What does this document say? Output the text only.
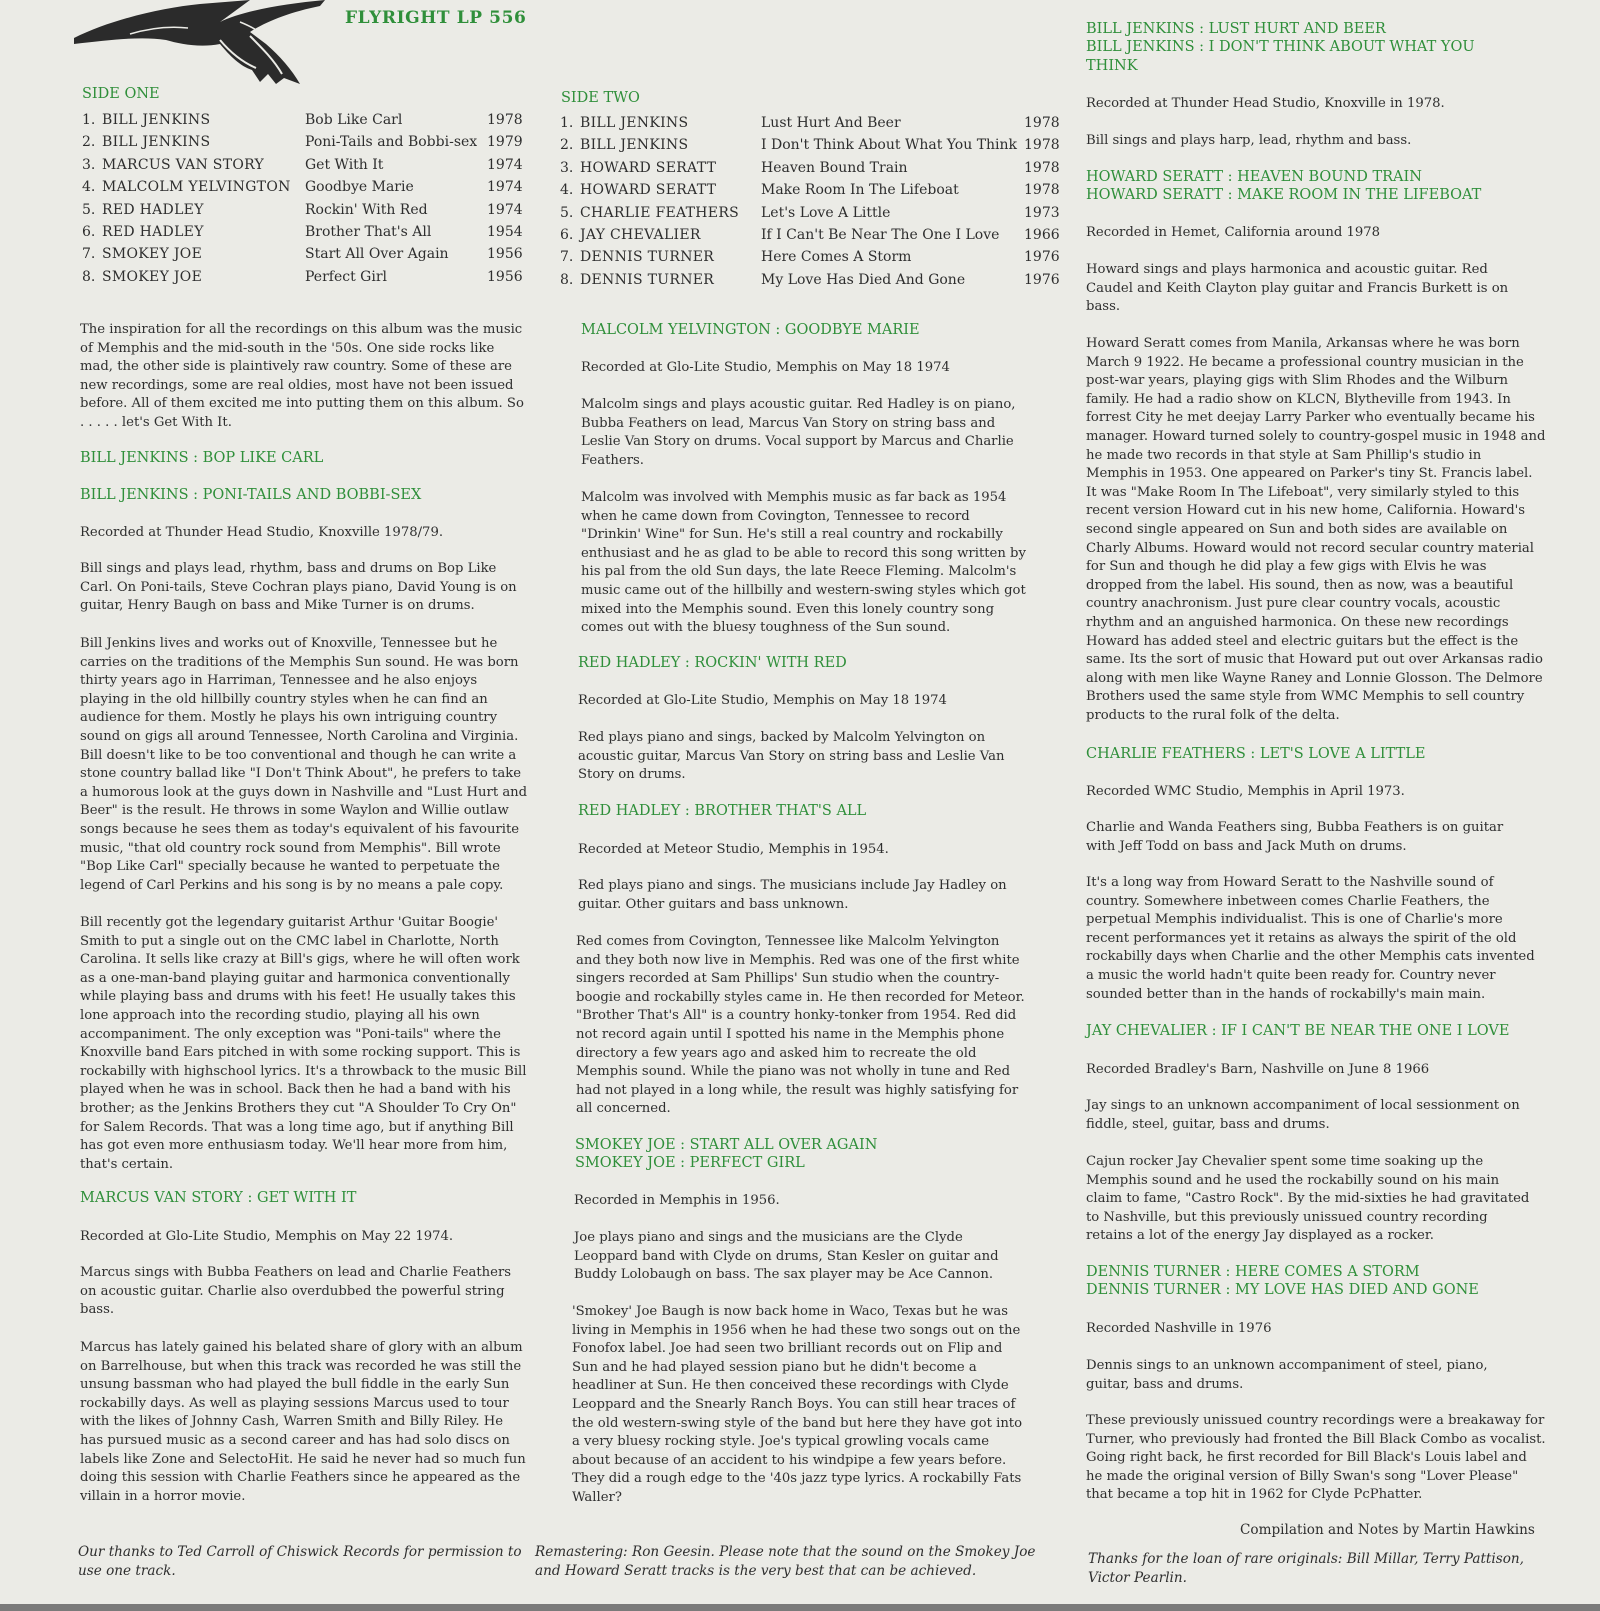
FLYRIGHT LP 556
SIDE ONE
1. BILL JENKINS	Bob Like Carl	1978
2. BILL JENKINS	Poni-Tails and Bobbi-sex 1979
3. MARCUS VAN STORY	Get With It	1974
4. MALCOLM YELVINGTON Goodbye Marie	1974
5. RED HADLEY	Rockin' With Red	1974
6. RED HADLEY	Brother That's All	1954
7. SMOKEY JOE	Start All Over Again	1956
8. SMOKEY JOE	Perfect Girl	1956
SIDE TWO
1. BILL JENKINS	Lust Hurt And Beer	1978
2. BILL JENKINS	I Don't Think About What You Think 1978
3. HOWARD SERATT	Heaven Bound Train	1978
4. HOWARD SERATT	Make Room In The Lifeboat	1978
5. CHARLIE FEATHERS Let's Love A Little	1973
6. JAY CHEVALIER	If I Can't Be Near The One I Love 1966
7. DENNIS TURNER	Here Comes A Storm	1976
8. DENNIS TURNER	My Love Has Died And Gone	1976

The inspiration for all the recordings on this album was the music of Memphis and the mid-south in the '50s. One side rocks like mad, the other side is plaintively raw country. Some of these are new recordings, some are real oldies, most have not been issued before. All of them excited me into putting them on this album. So . . . . . let's Get With It.

BILL JENKINS : BOP LIKE CARL
BILL JENKINS : PONI-TAILS AND BOBBI-SEX

Recorded at Thunder Head Studio, Knoxville 1978/79.

Bill sings and plays lead, rhythm, bass and drums on Bop Like Carl. On Poni-tails, Steve Cochran plays piano, David Young is on guitar, Henry Baugh on bass and Mike Turner is on drums.

Bill Jenkins lives and works out of Knoxville, Tennessee but he carries on the traditions of the Memphis Sun sound. He was born thirty years ago in Harriman, Tennessee and he also enjoys playing in the old hillbilly country styles when he can find an audience for them. Mostly he plays his own intriguing country sound on gigs all around Tennessee, North Carolina and Virginia. Bill doesn't like to be too conventional and though he can write a stone country ballad like "I Don't Think About", he prefers to take a humorous look at the guys down in Nashville and "Lust Hurt and Beer" is the result. He throws in some Waylon and Willie outlaw songs because he sees them as today's equivalent of his favourite music, "that old country rock sound from Memphis". Bill wrote "Bop Like Carl" specially because he wanted to perpetuate the legend of Carl Perkins and his song is by no means a pale copy.

Bill recently got the legendary guitarist Arthur 'Guitar Boogie' Smith to put a single out on the CMC label in Charlotte, North Carolina. It sells like crazy at Bill's gigs, where he will often work as a one-man-band playing guitar and harmonica conventionally while playing bass and drums with his feet! He usually takes this lone approach into the recording studio, playing all his own accompaniment. The only exception was "Poni-tails" where the Knoxville band Ears pitched in with some rocking support. This is rockabilly with highschool lyrics. It's a throwback to the music Bill played when he was in school. Back then he had a band with his brother; as the Jenkins Brothers they cut "A Shoulder To Cry On" for Salem Records. That was a long time ago, but if anything Bill has got even more enthusiasm today. We'll hear more from him, that's certain.

MARCUS VAN STORY : GET WITH IT

Recorded at Glo-Lite Studio, Memphis on May 22 1974.

Marcus sings with Bubba Feathers on lead and Charlie Feathers on acoustic guitar. Charlie also overdubbed the powerful string bass.

Marcus has lately gained his belated share of glory with an album on Barrelhouse, but when this track was recorded he was still the unsung bassman who had played the bull fiddle in the early Sun rockabilly days. As well as playing sessions Marcus used to tour with the likes of Johnny Cash, Warren Smith and Billy Riley. He has pursued music as a second career and has had solo discs on labels like Zone and SelectoHit. He said he never had so much fun doing this session with Charlie Feathers since he appeared as the villain in a horror movie.

Our thanks to Ted Carroll of Chiswick Records for permission to use one track.
MALCOLM YELVINGTON : GOODBYE MARIE

Recorded at Glo-Lite Studio, Memphis on May 18 1974

Malcolm sings and plays acoustic guitar. Red Hadley is on piano, Bubba Feathers on lead, Marcus Van Story on string bass and Leslie Van Story on drums. Vocal support by Marcus and Charlie Feathers.

Malcolm was involved with Memphis music as far back as 1954 when he came down from Covington, Tennessee to record "Drinkin' Wine" for Sun. He's still a real country and rockabilly enthusiast and he as glad to be able to record this song written by his pal from the old Sun days, the late Reece Fleming. Malcolm's music came out of the hillbilly and western-swing styles which got mixed into the Memphis sound. Even this lonely country song comes out with the bluesy toughness of the Sun sound.

RED HADLEY : ROCKIN' WITH RED

Recorded at Glo-Lite Studio, Memphis on May 18 1974

Red plays piano and sings, backed by Malcolm Yelvington on acoustic guitar, Marcus Van Story on string bass and Leslie Van Story on drums.

RED HADLEY : BROTHER THAT'S ALL

Recorded at Meteor Studio, Memphis in 1954.

Red plays piano and sings. The musicians include Jay Hadley on guitar. Other guitars and bass unknown.

Red comes from Covington, Tennessee like Malcolm Yelvington and they both now live in Memphis. Red was one of the first white singers recorded at Sam Phillips' Sun studio when the country-boogie and rockabilly styles came in. He then recorded for Meteor. "Brother That's All" is a country honky-tonker from 1954. Red did not record again until I spotted his name in the Memphis phone directory a few years ago and asked him to recreate the old Memphis sound. While the piano was not wholly in tune and Red had not played in a long while, the result was highly satisfying for all concerned.

SMOKEY JOE : START ALL OVER AGAIN
SMOKEY JOE : PERFECT GIRL

Recorded in Memphis in 1956.

Joe plays piano and sings and the musicians are the Clyde Leoppard band with Clyde on drums, Stan Kesler on guitar and Buddy Lolobaugh on bass. The sax player may be Ace Cannon.

'Smokey' Joe Baugh is now back home in Waco, Texas but he was living in Memphis in 1956 when he had these two songs out on the Fonofox label. Joe had seen two brilliant records out on Flip and Sun and he had played session piano but he didn't become a headliner at Sun. He then conceived these recordings with Clyde Leoppard and the Snearly Ranch Boys. You can still hear traces of the old western-swing style of the band but here they have got into a very bluesy rocking style. Joe's typical growling vocals came about because of an accident to his windpipe a few years before. They did a rough edge to the '40s jazz type lyrics. A rockabilly Fats Waller?

Remastering: Ron Geesin. Please note that the sound on the Smokey Joe and Howard Seratt tracks is the very best that can be achieved.
BILL JENKINS : LUST HURT AND BEER
BILL JENKINS : I DON'T THINK ABOUT WHAT YOU THINK

Recorded at Thunder Head Studio, Knoxville in 1978.

Bill sings and plays harp, lead, rhythm and bass.

HOWARD SERATT : HEAVEN BOUND TRAIN
HOWARD SERATT : MAKE ROOM IN THE LIFEBOAT

Recorded in Hemet, California around 1978

Howard sings and plays harmonica and acoustic guitar. Red Caudel and Keith Clayton play guitar and Francis Burkett is on bass.

Howard Seratt comes from Manila, Arkansas where he was born March 9 1922. He became a professional country musician in the post-war years, playing gigs with Slim Rhodes and the Wilburn family. He had a radio show on KLCN, Blytheville from 1943. In forrest City he met deejay Larry Parker who eventually became his manager. Howard turned solely to country-gospel music in 1948 and he made two records in that style at Sam Phillip's studio in Memphis in 1953. One appeared on Parker's tiny St. Francis label. It was "Make Room In The Lifeboat", very similarly styled to this recent version Howard cut in his new home, California. Howard's second single appeared on Sun and both sides are available on Charly Albums. Howard would not record secular country material for Sun and though he did play a few gigs with Elvis he was dropped from the label. His sound, then as now, was a beautiful country anachronism. Just pure clear country vocals, acoustic rhythm and an anguished harmonica. On these new recordings Howard has added steel and electric guitars but the effect is the same. Its the sort of music that Howard put out over Arkansas radio along with men like Wayne Raney and Lonnie Glosson. The Delmore Brothers used the same style from WMC Memphis to sell country products to the rural folk of the delta.

CHARLIE FEATHERS : LET'S LOVE A LITTLE

Recorded WMC Studio, Memphis in April 1973.

Charlie and Wanda Feathers sing, Bubba Feathers is on guitar with Jeff Todd on bass and Jack Muth on drums.

It's a long way from Howard Seratt to the Nashville sound of country. Somewhere inbetween comes Charlie Feathers, the perpetual Memphis individualist. This is one of Charlie's more recent performances yet it retains as always the spirit of the old rockabilly days when Charlie and the other Memphis cats invented a music the world hadn't quite been ready for. Country never sounded better than in the hands of rockabilly's main main.

JAY CHEVALIER : IF I CAN'T BE NEAR THE ONE I LOVE

Recorded Bradley's Barn, Nashville on June 8 1966

Jay sings to an unknown accompaniment of local sessionment on fiddle, steel, guitar, bass and drums.

Cajun rocker Jay Chevalier spent some time soaking up the Memphis sound and he used the rockabilly sound on his main claim to fame, "Castro Rock". By the mid-sixties he had gravitated to Nashville, but this previously unissued country recording retains a lot of the energy Jay displayed as a rocker.

DENNIS TURNER : HERE COMES A STORM
DENNIS TURNER : MY LOVE HAS DIED AND GONE

Recorded Nashville in 1976

Dennis sings to an unknown accompaniment of steel, piano, guitar, bass and drums.

These previously unissued country recordings were a breakaway for Turner, who previously had fronted the Bill Black Combo as vocalist. Going right back, he first recorded for Bill Black's Louis label and he made the original version of Billy Swan's song "Lover Please" that became a top hit in 1962 for Clyde PcPhatter.

Compilation and Notes by Martin Hawkins
Thanks for the loan of rare originals: Bill Millar, Terry Pattison, Victor Pearlin.
